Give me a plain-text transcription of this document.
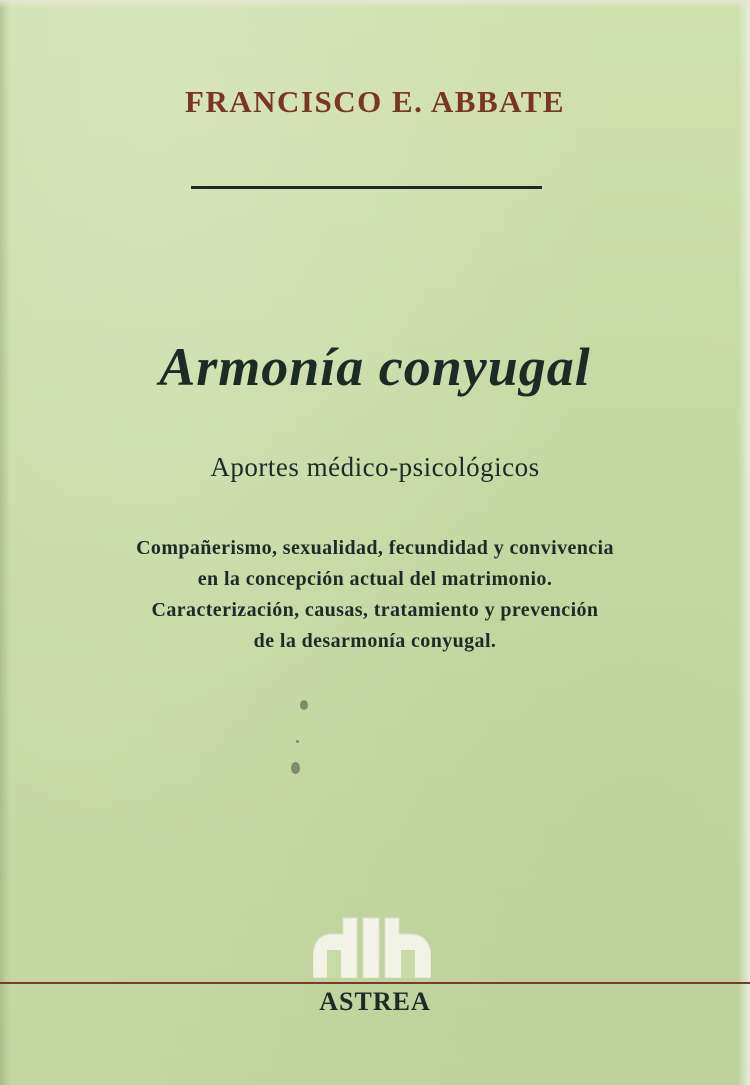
FRANCISCO E. ABBATE
Armonía conyugal
Aportes médico-psicológicos
Compañerismo, sexualidad, fecundidad y convivencia
en la concepción actual del matrimonio.
Caracterización, causas, tratamiento y prevención
de la desarmonía conyugal.
ASTREA
